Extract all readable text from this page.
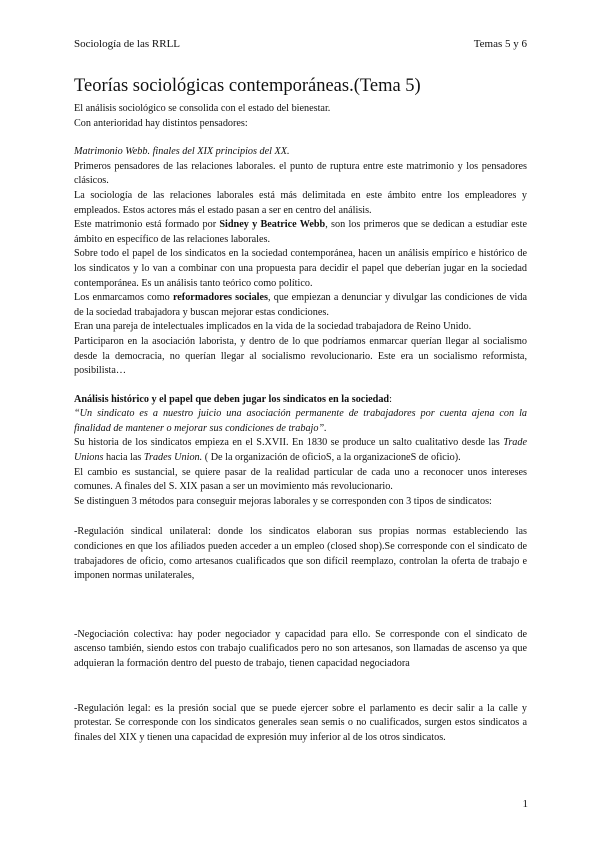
Sociología de las RRLL	Temas 5 y 6
Teorías sociológicas contemporáneas.(Tema 5)

El análisis sociológico se consolida con el estado del bienestar.

Con anterioridad hay distintos pensadores:

Matrimonio Webb. finales del XIX principios del XX.

Primeros pensadores de las relaciones laborales. el punto de ruptura entre este matrimonio y los pensadores clásicos.

La sociología de las relaciones laborales está más delimitada en este ámbito entre los empleadores y empleados. Estos actores más el estado pasan a ser en centro del análisis.

Este matrimonio está formado por Sidney y Beatrice Webb, son los primeros que se dedican a estudiar este ámbito en específico de las relaciones laborales.

Sobre todo el papel de los sindicatos en la sociedad contemporánea, hacen un análisis empírico e histórico de los sindicatos y lo van a combinar con una propuesta para decidir el papel que deberían jugar en la sociedad contemporánea. Es un análisis tanto teórico como político.

Los enmarcamos como reformadores sociales, que empiezan a denunciar y divulgar las condiciones de vida de la sociedad trabajadora y buscan mejorar estas condiciones.

Eran una pareja de intelectuales implicados en la vida de la sociedad trabajadora de Reino Unido.

Participaron en la asociación laborista, y dentro de lo que podríamos enmarcar querían llegar al socialismo desde la democracia, no querían llegar al socialismo revolucionario. Este era un socialismo reformista, posibilista…

Análisis histórico y el papel que deben jugar los sindicatos en la sociedad:

“Un sindicato es a nuestro juicio una asociación permanente de trabajadores por cuenta ajena con la finalidad de mantener o mejorar sus condiciones de trabajo”.

Su historia de los sindicatos empieza en el S.XVII. En 1830 se produce un salto cualitativo desde las Trade Unions hacia las Trades Union. ( De la organización de oficioS, a la organizacioneS de oficio).

El cambio es sustancial, se quiere pasar de la realidad particular de cada uno a reconocer unos intereses comunes. A finales del S. XIX pasan a ser un movimiento más revolucionario.

Se distinguen 3 métodos para conseguir mejoras laborales y se corresponden con 3 tipos de sindicatos:

-Regulación sindical unilateral: donde los sindicatos elaboran sus propias normas estableciendo las condiciones en que los afiliados pueden acceder a un empleo (closed shop).Se corresponde con el sindicato de trabajadores de oficio, como artesanos cualificados que son difícil reemplazo, controlan la oferta de trabajo e imponen normas unilaterales,

-Negociación colectiva: hay poder negociador y capacidad para ello. Se corresponde con el sindicato de ascenso también, siendo estos con trabajo cualificados pero no son artesanos, son llamadas de ascenso ya que adquieran la formación dentro del puesto de trabajo, tienen capacidad negociadora

-Regulación legal: es la presión social que se puede ejercer sobre el parlamento es decir salir a la calle y protestar. Se corresponde con los sindicatos generales sean semis o no cualificados, surgen estos sindicatos a finales del XIX y tienen una capacidad de expresión muy inferior al de los otros sindicatos.

1
